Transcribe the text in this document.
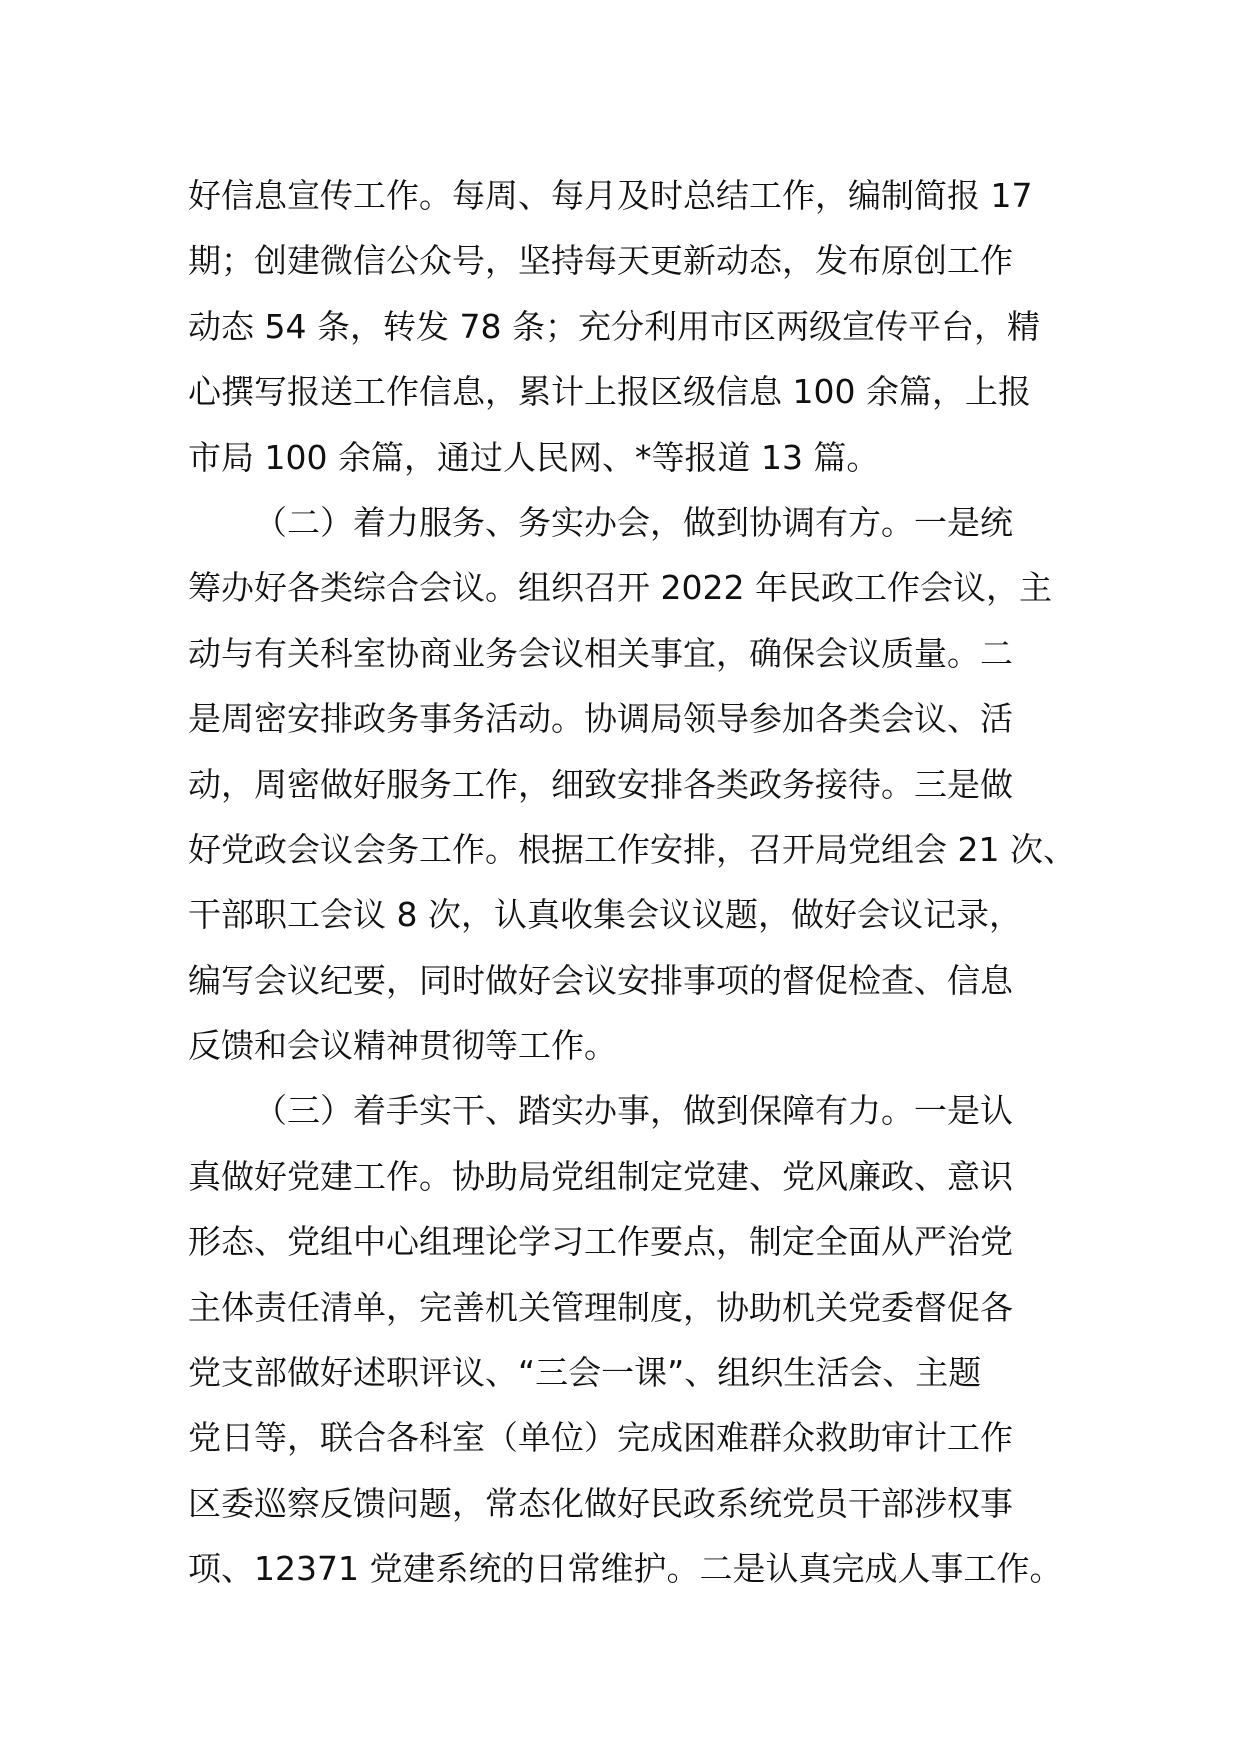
好信息宣传工作。每周、每月及时总结工作，编制简报 17
期；创建微信公众号，坚持每天更新动态，发布原创工作
动态 54 条，转发 78 条；充分利用市区两级宣传平台，精
心撰写报送工作信息，累计上报区级信息 100 余篇，上报
市局 100 余篇，通过人民网、*等报道 13 篇。
（二）着力服务、务实办会，做到协调有方。一是统
筹办好各类综合会议。组织召开 2022 年民政工作会议，主
动与有关科室协商业务会议相关事宜，确保会议质量。二
是周密安排政务事务活动。协调局领导参加各类会议、活
动，周密做好服务工作，细致安排各类政务接待。三是做
好党政会议会务工作。根据工作安排，召开局党组会 21 次、
干部职工会议 8 次，认真收集会议议题，做好会议记录，
编写会议纪要，同时做好会议安排事项的督促检查、信息
反馈和会议精神贯彻等工作。
（三）着手实干、踏实办事，做到保障有力。一是认
真做好党建工作。协助局党组制定党建、党风廉政、意识
形态、党组中心组理论学习工作要点，制定全面从严治党
主体责任清单，完善机关管理制度，协助机关党委督促各
党支部做好述职评议、“三会一课”、组织生活会、主题
党日等，联合各科室（单位）完成困难群众救助审计工作
区委巡察反馈问题，常态化做好民政系统党员干部涉权事
项、12371 党建系统的日常维护。二是认真完成人事工作。
